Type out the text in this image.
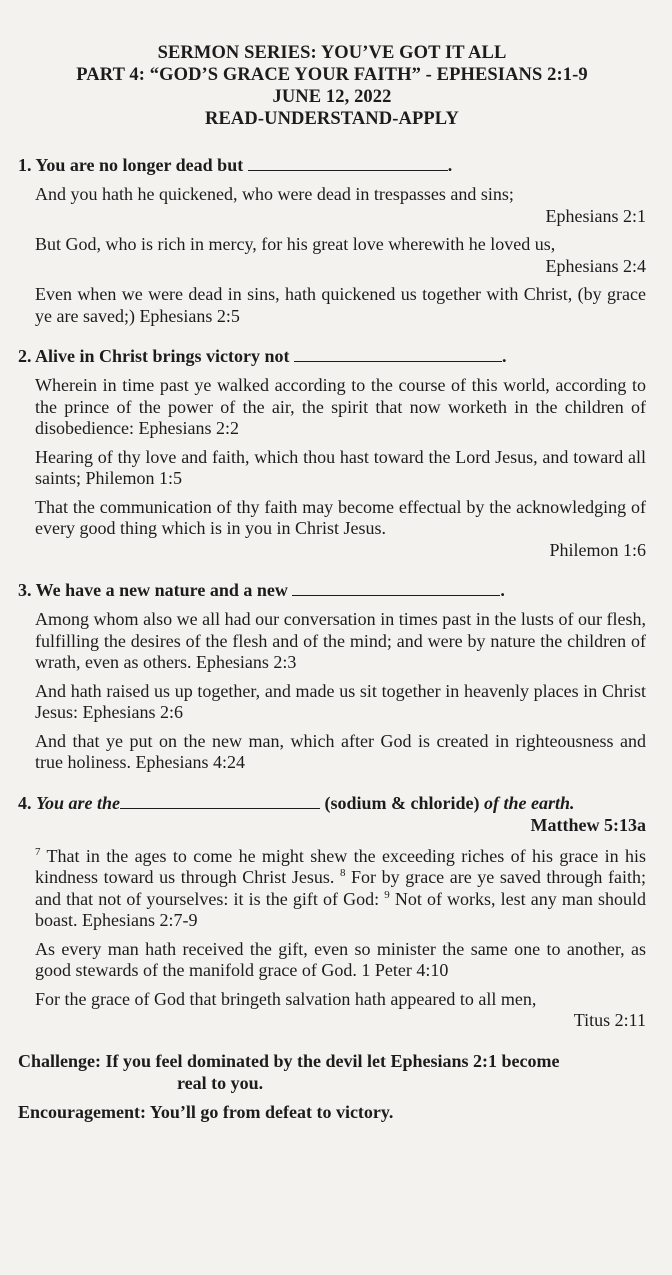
SERMON SERIES: YOU’VE GOT IT ALL
PART 4: “GOD’S GRACE YOUR FAITH” - EPHESIANS 2:1-9
JUNE 12, 2022
READ-UNDERSTAND-APPLY
1. You are no longer dead but	.
And you hath he quickened, who were dead in trespasses and sins;
Ephesians 2:1
But God, who is rich in mercy, for his great love wherewith he loved us,
Ephesians 2:4
Even when we were dead in sins, hath quickened us together with Christ, (by grace ye are saved;) Ephesians 2:5
2. Alive in Christ brings victory not	.
Wherein in time past ye walked according to the course of this world, according to the prince of the power of the air, the spirit that now worketh in the children of disobedience: Ephesians 2:2
Hearing of thy love and faith, which thou hast toward the Lord Jesus, and toward all saints; Philemon 1:5
That the communication of thy faith may become effectual by the acknowledging of every good thing which is in you in Christ Jesus.
Philemon 1:6
3. We have a new nature and a new	.
Among whom also we all had our conversation in times past in the lusts of our flesh, fulfilling the desires of the flesh and of the mind; and were by nature the children of wrath, even as others. Ephesians 2:3
And hath raised us up together, and made us sit together in heavenly places in Christ Jesus: Ephesians 2:6
And that ye put on the new man, which after God is created in righteousness and true holiness. Ephesians 4:24
4. You are the	(sodium & chloride) of the earth.
Matthew 5:13a
$^7$ That in the ages to come he might shew the exceeding riches of his grace in his kindness toward us through Christ Jesus. $^8$ For by grace are ye saved through faith; and that not of yourselves: it is the gift of God: $^9$ Not of works, lest any man should boast. Ephesians 2:7-9
As every man hath received the gift, even so minister the same one to another, as good stewards of the manifold grace of God. 1 Peter 4:10
For the grace of God that bringeth salvation hath appeared to all men,
Titus 2:11
Challenge: If you feel dominated by the devil let Ephesians 2:1 become
real to you.
Encouragement: You’ll go from defeat to victory.
